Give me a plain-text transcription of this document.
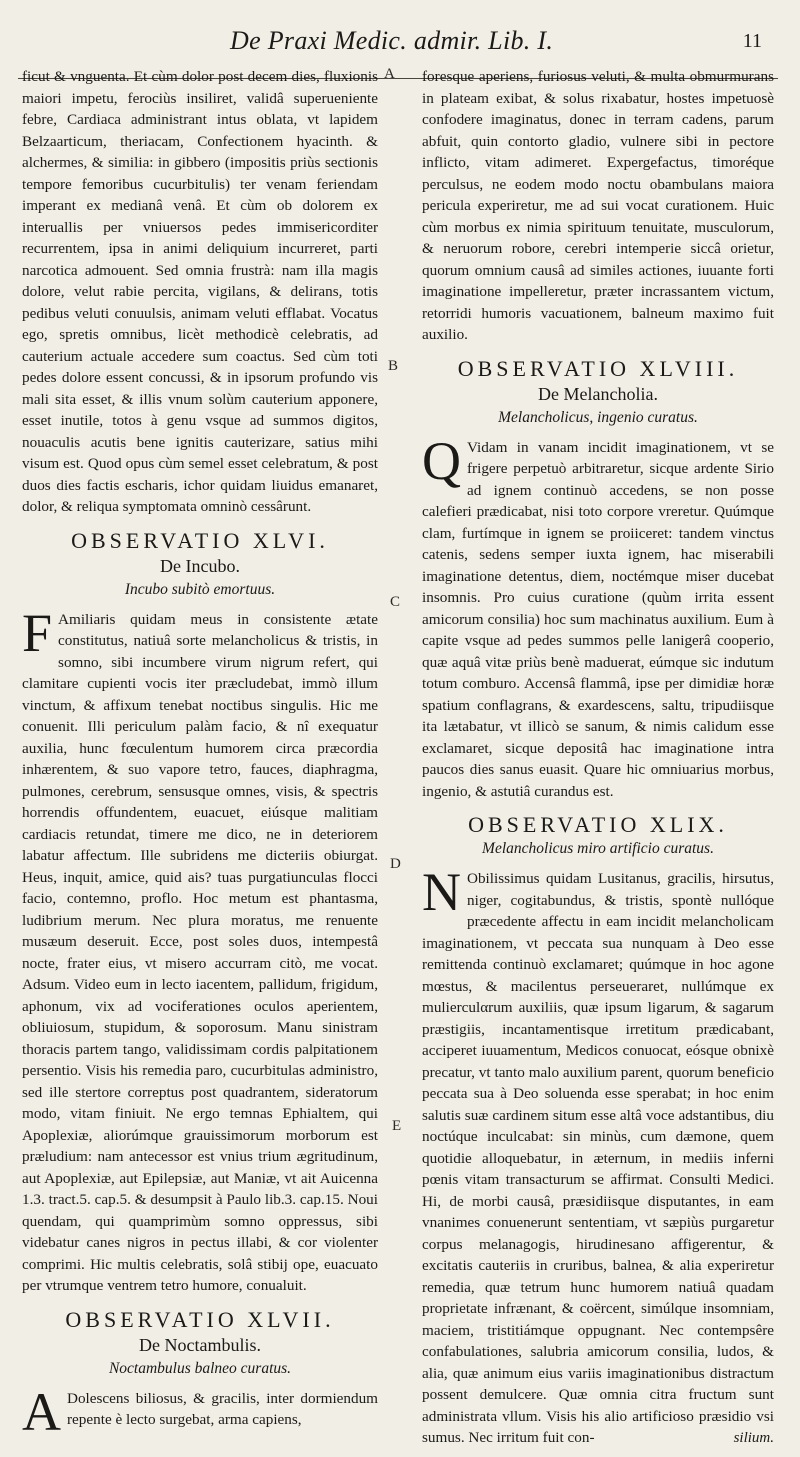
De Praxi Medic. admir. Lib. I.	11
A
B
C
D
E

ficut & vnguenta. Et cùm dolor post decem dies, fluxionis maiori impetu, ferociùs insiliret, validâ superueniente febre, Cardiaca administrant intus oblata, vt lapidem Belzaarticum, theriacam, Confectionem hyacinth. & alchermes, & similia: in gibbero (impositis priùs sectionis tempore femoribus cucurbitulis) ter venam feriendam imperant ex medianâ venâ. Et cùm ob dolorem ex interuallis per vniuersos pedes immisericorditer recurrentem, ipsa in animi deliquium incurreret, parti narcotica admouent. Sed omnia frustrà: nam illa magis dolore, velut rabie percita, vigilans, & delirans, totis pedibus veluti conuulsis, animam veluti efflabat. Vocatus ego, spretis omnibus, licèt methodicè celebratis, ad cauterium actuale accedere sum coactus. Sed cùm toti pedes dolore essent concussi, & in ipsorum profundo vis mali sita esset, & illis vnum solùm cauterium apponere, esset inutile, totos à genu vsque ad summos digitos, nouaculis acutis bene ignitis cauterizare, satius mihi visum est. Quod opus cùm semel esset celebratum, & post duos dies factis escharis, ichor quidam liuidus emanaret, dolor, & reliqua symptomata omninò cessârunt.

OBSERVATIO XLVI.
De Incubo.
Incubo subitò emortuus.

F Amiliaris quidam meus in consistente ætate constitutus, natiuâ sorte melancholicus & tristis, in somno, sibi incumbere virum nigrum refert, qui clamitare cupienti vocis iter præcludebat, immò illum vinctum, & affixum tenebat noctibus singulis. Hic me conuenit. Illi periculum palàm facio, & nî exequatur auxilia, hunc fœculentum humorem circa præcordia inhærentem, & suo vapore tetro, fauces, diaphragma, pulmones, cerebrum, sensusque omnes, visis, & spectris horrendis offundentem, euacuet, eiúsque malitiam cardiacis retundat, timere me dico, ne in deteriorem labatur affectum. Ille subridens me dicteriis obiurgat. Heus, inquit, amice, quid ais? tuas purgatiunculas flocci facio, contemno, proflo. Hoc metum est phantasma, ludibrium merum. Nec plura moratus, me renuente musæum deseruit. Ecce, post soles duos, intempestâ nocte, frater eius, vt misero accurram citò, me vocat. Adsum. Video eum in lecto iacentem, pallidum, frigidum, aphonum, vix ad vociferationes oculos aperientem, obliuiosum, stupidum, & soporosum. Manu sinistram thoracis partem tango, validissimam cordis palpitationem persentio. Visis his remedia paro, cucurbitulas administro, sed ille stertore correptus post quadrantem, sideratorum modo, vitam finiuit. Ne ergo temnas Ephialtem, qui Apoplexiæ, aliorúmque grauissimorum morborum est præludium: nam antecessor est vnius trium ægritudinum, aut Apoplexiæ, aut Epilepsiæ, aut Maniæ, vt ait Auicenna 1.3. tract.5. cap.5. & desumpsit à Paulo lib.3. cap.15. Noui quendam, qui quamprimùm somno oppressus, sibi videbatur canes nigros in pectus illabi, & cor violenter comprimi. Hic multis celebratis, solâ stibij ope, euacuato per vtrumque ventrem tetro humore, conualuit.

OBSERVATIO XLVII.
De Noctambulis.
Noctambulus balneo curatus.

A Dolescens biliosus, & gracilis, inter dormiendum repente è lecto surgebat, arma capiens,

foresque aperiens, furiosus veluti, & multa obmurmurans in plateam exibat, & solus rixabatur, hostes impetuosè confodere imaginatus, donec in terram cadens, parum abfuit, quin contorto gladio, vulnere sibi in pectore inflicto, vitam adimeret. Expergefactus, timoréque perculsus, ne eodem modo noctu obambulans maiora pericula experiretur, me ad sui vocat curationem. Huic cùm morbus ex nimia spirituum tenuitate, musculorum, & neruorum robore, cerebri intemperie siccâ orietur, quorum omnium causâ ad similes actiones, iuuante forti imaginatione impelleretur, præter incrassantem victum, retorridi humoris vacuationem, balneum maximo fuit auxilio.

OBSERVATIO XLVIII.
De Melancholia.
Melancholicus, ingenio curatus.

Q Vidam in vanam incidit imaginationem, vt se frigere perpetuò arbitraretur, sicque ardente Sirio ad ignem continuò accedens, se non posse calefieri prædicabat, nisi toto corpore vreretur. Quúmque clam, furtímque in ignem se proiiceret: tandem vinctus catenis, sedens semper iuxta ignem, hac miserabili imaginatione detentus, diem, noctémque miser ducebat insomnis. Pro cuius curatione (quùm irrita essent amicorum consilia) hoc sum machinatus auxilium. Eum à capite vsque ad pedes summos pelle lanigerâ cooperio, quæ aquâ vitæ priùs benè maduerat, eúmque sic indutum totum comburo. Accensâ flammâ, ipse per dimidiæ horæ spatium conflagrans, & exardescens, saltu, tripudiisque ita lætabatur, vt illicò se sanum, & nimis calidum esse exclamaret, sicque depositâ hac imaginatione intra paucos dies sanus euasit. Quare hic omniuarius morbus, ingenio, & astutiâ curandus est.

OBSERVATIO XLIX.
Melancholicus miro artificio curatus.

N Obilissimus quidam Lusitanus, gracilis, hirsutus, niger, cogitabundus, & tristis, spontè nullóque præcedente affectu in eam incidit melancholicam imaginationem, vt peccata sua nunquam à Deo esse remittenda continuò exclamaret; quúmque in hoc agone mœstus, & macilentus perseueraret, nullúmque ex mulierculαrum auxiliis, quæ ipsum ligarum, & sagarum præstigiis, incantamentisque irretitum prædicabant, acciperet iuuamentum, Medicos conuocat, eósque obnixè precatur, vt tanto malo auxilium parent, quorum beneficio peccata sua à Deo soluenda esse sperabat; in hoc enim salutis suæ cardinem situm esse altâ voce adstantibus, diu noctúque inculcabat: sin minùs, cum dæmone, quem quotidie alloquebatur, in æternum, in mediis inferni pœnis vitam transacturum se affirmat. Consulti Medici. Hi, de morbi causâ, præsidiisque disputantes, in eam vnanimes conuenerunt sententiam, vt sæpiùs purgaretur corpus melanagogis, hirudinesano affigerentur, & excitatis cauteriis in cruribus, balnea, & alia experiretur remedia, quæ tetrum hunc humorem natiuâ quadam proprietate infrænant, & coërcent, simúlque insomniam, maciem, tristitiámque oppugnant. Nec contempsêre confabulationes, salubria amicorum consilia, ludos, & alia, quæ animum eius variis imaginationibus distractum possent demulcere. Quæ omnia citra fructum sunt administrata vllum. Visis his alio artificioso præsidio vsi sumus. Nec irritum fuit con-	silium.
